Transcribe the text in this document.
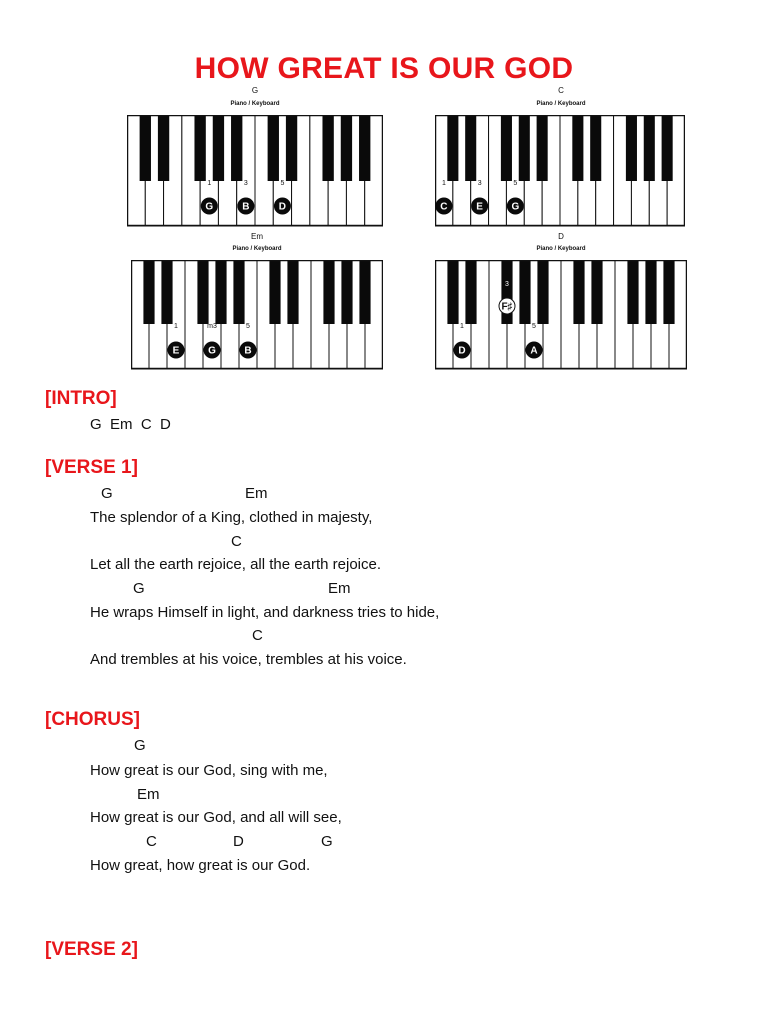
HOW GREAT IS OUR GOD
G
Piano / Keyboard
1
G
3
B
5
D
C
Piano / Keyboard
1
C
3
E
5
G
Em
Piano / Keyboard
1
E
m3
G
5
B
D
Piano / Keyboard
1
D
3
F♯
5
A
[INTRO]
G  Em  C  D
[VERSE 1]
G	Em
The splendor of a King, clothed in majesty,
C
Let all the earth rejoice, all the earth rejoice.
G	Em
He wraps Himself in light, and darkness tries to hide,
C
And trembles at his voice, trembles at his voice.
[CHORUS]
G
How great is our God, sing with me,
Em
How great is our God, and all will see,
C	D	G
How great, how great is our God.
[VERSE 2]
